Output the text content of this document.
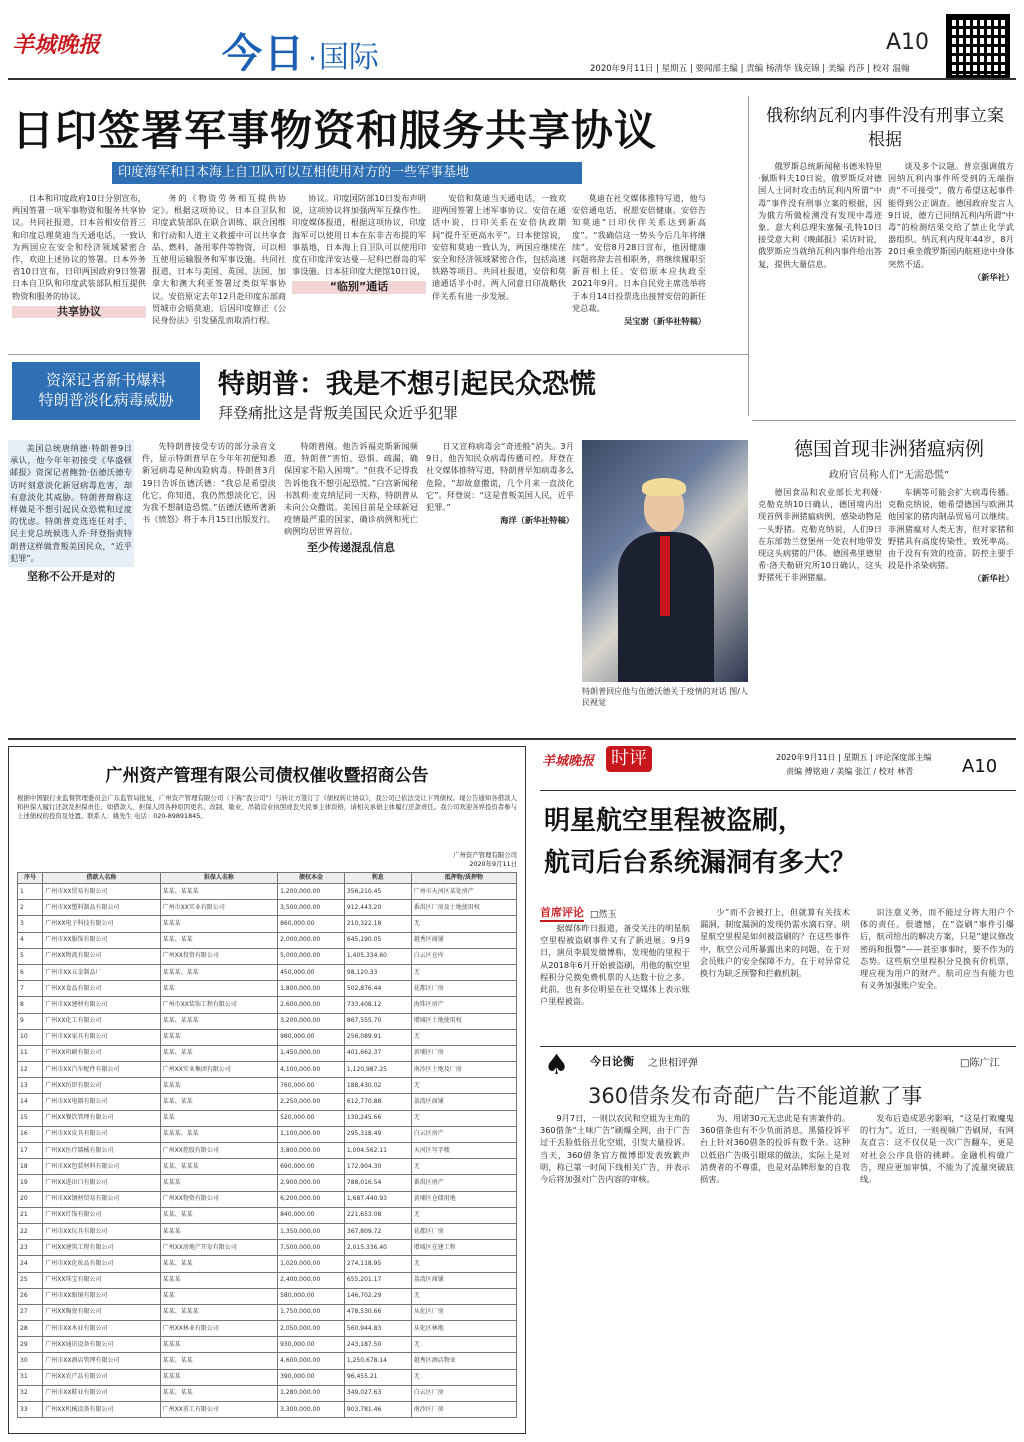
羊城晚报	今日 · 国际	A10
2020年9月11日 | 星期五 | 要闻部主编 | 责编 杨清华 钱克锦 | 美编 肖莎 | 校对 温翰
日印签署军事物资和服务共享协议
印度海军和日本海上自卫队可以互相使用对方的一些军事基地

日本和印度政府10日分别宣布，两国签署一项军事物资和服务共享协议。共同社报道，日本首相安倍晋三和印度总理莫迪当天通电话，一致认为两国应在安全和经济领域紧密合作，欢迎上述协议的签署。日本外务省10日宣布，日印两国政府9日签署日本自卫队和印度武装部队相互提供物资和服务的协议。

共享协议

务的《物资劳务相互提供协定》。根据这项协议，日本自卫队和印度武装部队在联合训练、联合国维和行动和人道主义救援中可以共享食品、燃料、备用零件等物资，可以相互使用运输服务和军事设施。共同社报道，日本与美国、英国、法国、加拿大和澳大利亚签署过类似军事协议。安倍原定去年12月赴印度东部商贸城市会晤莫迪，后因印度修正《公民身份法》引发骚乱而取消行程。

协议。印度国防部10日发布声明说，这项协议将加强两军互操作性。印度媒体报道，根据这项协议，印度海军可以使用日本在东非吉布提的军事基地，日本海上自卫队可以使用印度在印度洋安达曼－尼科巴群岛的军事设施。日本驻印度大使馆10日说，

“临别”通话

安倍和莫迪当天通电话，一致欢迎两国签署上述军事协议。安倍在通话中说，日印关系在安倍执政期间“提升至更高水平”。日本使馆说，安倍和莫迪一致认为，两国应继续在安全和经济领域紧密合作，包括高速铁路等项目。共同社报道，安倍和莫迪通话半小时。两人同意日印战略伙伴关系有进一步发展。

莫迪在社交媒体推特写道，他与安倍通电话，祝愿安倍健康。安倍告知莫迪“日印伙伴关系达到新高度”。“我确信这一势头今后几年将继续”。安倍8月28日宣布，他因健康问题将辞去首相职务，将继续履职至新首相上任。安倍原本应执政至2021年9月。日本自民党主席选举将于本月14日投票选出接替安倍的新任党总裁。

吴宝澍（新华社特稿）
俄称纳瓦利内事件没有刑事立案根据

俄罗斯总统新闻秘书德米特里·佩斯科夫10日说，俄罗斯反对德国人士同时攻击纳瓦利内所谓“中毒”事件没有刑事立案的根据，因为俄方所做检测没有发现中毒迹象。意大利总理朱塞佩·孔特10日接受意大利《晚邮报》采访时说，俄罗斯应当就纳瓦利内事件给出答复，提供大量信息。

谈及多个议题。普京强调俄方因纳瓦利内事件所受到的无端指责“不可接受”，俄方希望这起事件能得到公正调查。德国政府发言人9日说，德方已同纳瓦利内所谓“中毒”的检测结果交给了禁止化学武器组织。纳瓦利内现年44岁，8月20日乘坐俄罗斯国内航班途中身体突然不适。

（新华社）
资深记者新书爆料
特朗普淡化病毒威胁	特朗普：我是不想引起民众恐慌
拜登痛批这是背叛美国民众近乎犯罪

美国总统唐纳德·特朗普9日承认，他今年年初接受《华盛顿邮报》资深记者鲍勃·伍德沃德专访时刻意淡化新冠病毒危害，却有意淡化其威胁。特朗普辩称这样做是不想引起民众恐慌和过度的忧虑。特朗普竞选连任对手、民主党总统候选人乔·拜登指责特朗普这样做背叛美国民众，“近乎犯罪”。

坚称不公开是对的

先特朗普接受专访的部分录音文件，显示特朗普早在今年年初便知悉新冠病毒是种凶险病毒。特朗普3月19日告诉伍德沃德：“我总是希望淡化它，你知道，我仍然想淡化它，因为我不想制造恐慌。”伍德沃德所著新书《愤怒》将于本月15日出版发行。

特朗普刚。他告诉福克斯新闻频道，特朗普“害怕、恐惧、疏漏，确保国家不陷入困境”。“但我不记得我告诉他我不想引起恐慌。”白宫新闻秘书凯莉·麦克纳尼同一天称，特朗普从未向公众撒谎。美国目前是全球新冠疫情最严重的国家，确诊病例和死亡病例均居世界首位。

至少传递混乱信息

日又宣称病毒会“奇迹般”消失。3月9日，他告知民众病毒传播可控。拜登在社交媒体推特写道，特朗普早知病毒多么危险，“却故意撒谎，几个月来一直淡化它”。拜登说：“这是背叛美国人民，近乎犯罪。”

海洋（新华社特稿）
特朗普回应他与伍德沃德关于疫情的对话 图/人民视觉
德国首现非洲猪瘟病例
政府官员称人们“无需恐慌”

德国食品和农业部长尤利娅·克勒克纳10日确认，德国境内出现首例非洲猪瘟病例，感染动物是一头野猪。克勒克纳说，人们9日在东部勃兰登堡州一处农村地带发现这头病猪的尸体。德国弗里德里希·洛夫勒研究所10日确认，这头野猪死于非洲猪瘟。

车辆等可能会扩大病毒传播。克勒克纳说，她希望德国与欧洲其他国家的猪肉制品贸易可以继续。非洲猪瘟对人类无害，但对家猪和野猪具有高度传染性，致死率高。由于没有有效的疫苗，防控主要手段是扑杀染病猪。

（新华社）
广州资产管理有限公司债权催收暨招商公告
根据中国银行业监督管理委员会广东监管局批复，广州资产管理有限公司（下称“我公司”）与转让方签订了《债权转让协议》，我公司已依法受让下列债权。现公告通知各借款人和担保人履行还款及担保责任，如借款人、担保人因各种原因更名、改制、歇业、吊销营业执照或丧失民事主体资格，请相关承债主体履行还款责任。我公司欢迎各界投资者参与上述债权的投资及处置。联系人：姚先生 电话：020-89891845。
广州资产管理有限公司
2020年9月11日
序号	借款人名称	担保人名称	债权本金	利息	抵押物/质押物
1	广州市XX贸易有限公司	某某、某某某	1,200,000.00	356,210.45	广州市天河区某处房产
2	广州市XX塑料制品有限公司	广州市XX实业有限公司	3,500,000.00	912,443.20	番禺区厂房及土地使用权
3	广州XX电子科技有限公司	某某某	860,000.00	210,322.18	无
4	广州市XX服饰有限公司	某某、某某	2,000,000.00	645,190.05	越秀区商铺
5	广州XX物流有限公司	广州XX投资有限公司	5,000,000.00	1,405,334.60	白云区仓库
6	广州市XX五金制品厂	某某某、某某	450,000.00	98,120.33	无
7	广州XX食品有限公司	某某	1,800,000.00	502,876.44	花都区厂房
8	广州市XX建材有限公司	广州市XX装饰工程有限公司	2,600,000.00	733,408.12	海珠区房产
9	广州XX化工有限公司	某某、某某某	3,200,000.00	867,555.70	增城区土地使用权
10	广州市XX家具有限公司	某某某	980,000.00	256,089.91	无
11	广州XX印刷有限公司	某某、某某	1,450,000.00	401,662.37	黄埔区厂房
12	广州市XX汽车配件有限公司	广州XX实业集团有限公司	4,100,000.00	1,120,987.25	南沙区土地及厂房
13	广州XX纺织有限公司	某某某	760,000.00	188,430.02	无
14	广州市XX电器有限公司	某某、某某	2,250,000.00	612,770.88	荔湾区商铺
15	广州XX餐饮管理有限公司	某某	520,000.00	130,245.66	无
16	广州市XX皮具有限公司	某某某、某某	1,100,000.00	295,318.49	白云区房产
17	广州XX医疗器械有限公司	广州XX控股有限公司	3,800,000.00	1,004,562.11	天河区写字楼
18	广州市XX包装材料有限公司	某某、某某某	690,000.00	172,904.30	无
19	广州XX进出口有限公司	某某某	2,900,000.00	788,016.54	番禺区房产
20	广州市XX钢材贸易有限公司	广州XX物资有限公司	6,200,000.00	1,687,440.93	黄埔区仓储用地
21	广州XX灯饰有限公司	某某、某某	840,000.00	221,653.08	无
22	广州市XX玩具有限公司	某某某	1,350,000.00	367,809.72	花都区厂房
23	广州XX建筑工程有限公司	广州XX房地产开发有限公司	7,500,000.00	2,015,336.40	增城区在建工程
24	广州市XX化妆品有限公司	某某、某某	1,020,000.00	274,118.95	无
25	广州XX珠宝有限公司	某某某	2,400,000.00	655,201.17	荔湾区商铺
26	广州市XX眼镜有限公司	某某	580,000.00	146,702.29	无
27	广州XX陶瓷有限公司	某某、某某某	1,750,000.00	478,530.66	从化区厂房
28	广州市XX木业有限公司	广州XX林业有限公司	2,050,000.00	560,944.83	从化区林地
29	广州XX通讯设备有限公司	某某某	930,000.00	243,187.50	无
30	广州市XX酒店管理有限公司	某某、某某	4,600,000.00	1,250,678.14	越秀区酒店物业
31	广州XX农产品有限公司	某某某	390,000.00	96,455.21	无
32	广州市XX鞋业有限公司	某某、某某	1,280,000.00	349,027.63	白云区厂房
33	广州XX机械设备有限公司	广州XX重工有限公司	3,300,000.00	903,781.46	南沙区厂房
羊城晚报 时评	2020年9月11日 | 星期五 | 评论深度部主编
责编 傅铭迪 / 美编 张江 / 校对 林青	A10
明星航空里程被盗刷，
航司后台系统漏洞有多大？
首席评论 □然玉

据媒体昨日报道，备受关注的明星航空里程被盗刷事件又有了新进展。9月9日，演员李晨发微博称，发现他的里程于从2018年6月开始被盗刷，用他的航空里程积分兑换免费机票的人达数十位之多。此前，也有多位明星在社交媒体上表示账户里程被盗。

少”而不会被打上，但就算有关技术漏洞，制度漏洞的发现仍需水滴石穿。明星航空里程是如何被盗刷的？在这些事件中，航空公司所暴露出来的问题，在于对会员账户的安全保障不力，在于对异常兑换行为缺乏预警和拦截机制。

识注意义务，而不能过分将大用户个体的责任。很遗憾，在“盗刷”事件引爆后，航司给出的解决方案，只是“建议修改密码和报警”——甚至事事时，要不作为的态势。这些航空里程积分兑换有价机票，理应视为用户的财产。航司应当有能力也有义务加强账户安全。

♠ 今日论衡 之世相评弹	□陈广江
360借条发布奇葩广告不能道歉了事

9月7日，一则以农民和空姐为主角的360借条“土味广告”刷爆全网，由于广告过于丢脸低俗丑化空姐，引发大量投诉。当天，360借条官方微博即发表致歉声明，称已第一时间下线相关广告，并表示今后将加强对广告内容的审核。

为，用诺30元无忠此是有害兼件的。360借条也有不少负面消息，黑猫投诉平台上针对360借条的投诉有数千条。这种以低俗广告吸引眼球的做法，实际上是对消费者的不尊重，也是对品牌形象的自我损害。

发布后造成恶劣影响，“这是打败魔鬼的行为”。近日，一则视频广告刷屏，有网友直言：这不仅仅是一次广告翻车，更是对社会公序良俗的挑衅。金融机构做广告，理应更加审慎，不能为了流量突破底线。
